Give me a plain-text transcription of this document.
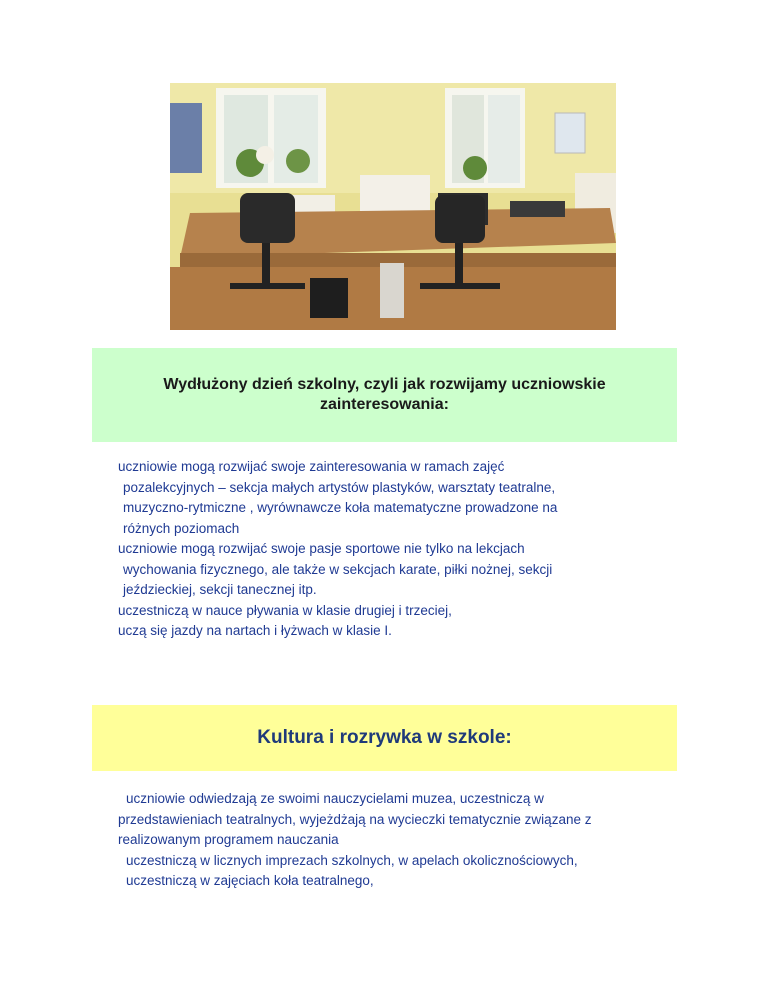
Wydłużony dzień szkolny, czyli jak rozwijamy uczniowskie zainteresowania:

uczniowie mogą rozwijać swoje zainteresowania w ramach zajęć

pozalekcyjnych – sekcja małych artystów plastyków, warsztaty teatralne,

muzyczno-rytmiczne , wyrównawcze koła matematyczne prowadzone na

różnych poziomach

uczniowie mogą rozwijać swoje pasje sportowe nie tylko na lekcjach

wychowania fizycznego, ale także w sekcjach karate, piłki nożnej, sekcji

jeździeckiej, sekcji tanecznej itp.

uczestniczą w nauce pływania w klasie drugiej i trzeciej,

uczą się jazdy na nartach i łyżwach w klasie I.

Kultura i rozrywka w szkole:

uczniowie odwiedzają ze swoimi nauczycielami muzea, uczestniczą w

przedstawieniach teatralnych, wyjeżdżają na wycieczki tematycznie związane z

realizowanym programem nauczania

uczestniczą w licznych imprezach szkolnych, w apelach okolicznościowych,

uczestniczą w zajęciach koła teatralnego,
